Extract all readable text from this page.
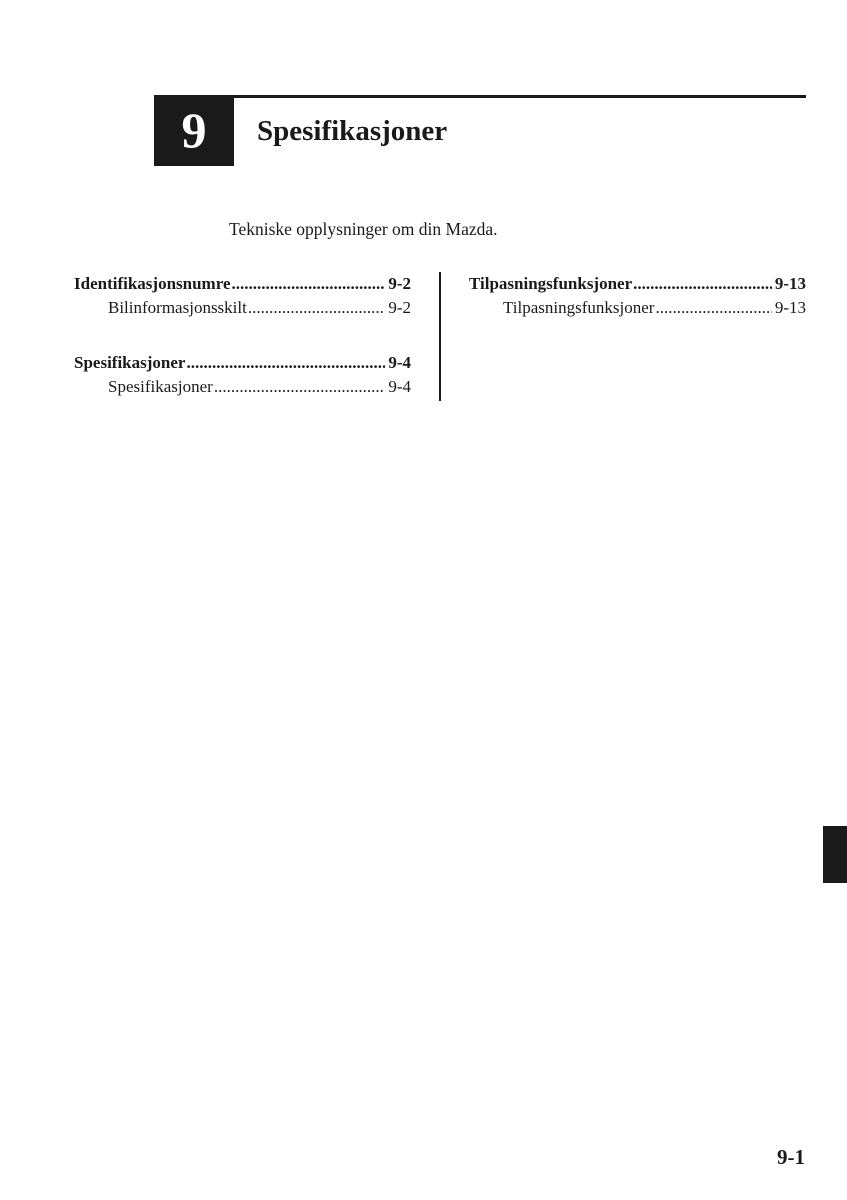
9	Spesifikasjoner
Tekniske opplysninger om din Mazda.
Identifikasjonsnumre .....	9-2
Bilinformasjonsskilt .....	9-2
Spesifikasjoner .....	9-4
Spesifikasjoner .....	9-4
Tilpasningsfunksjoner .....	9-13
Tilpasningsfunksjoner .....	9-13
9-1
